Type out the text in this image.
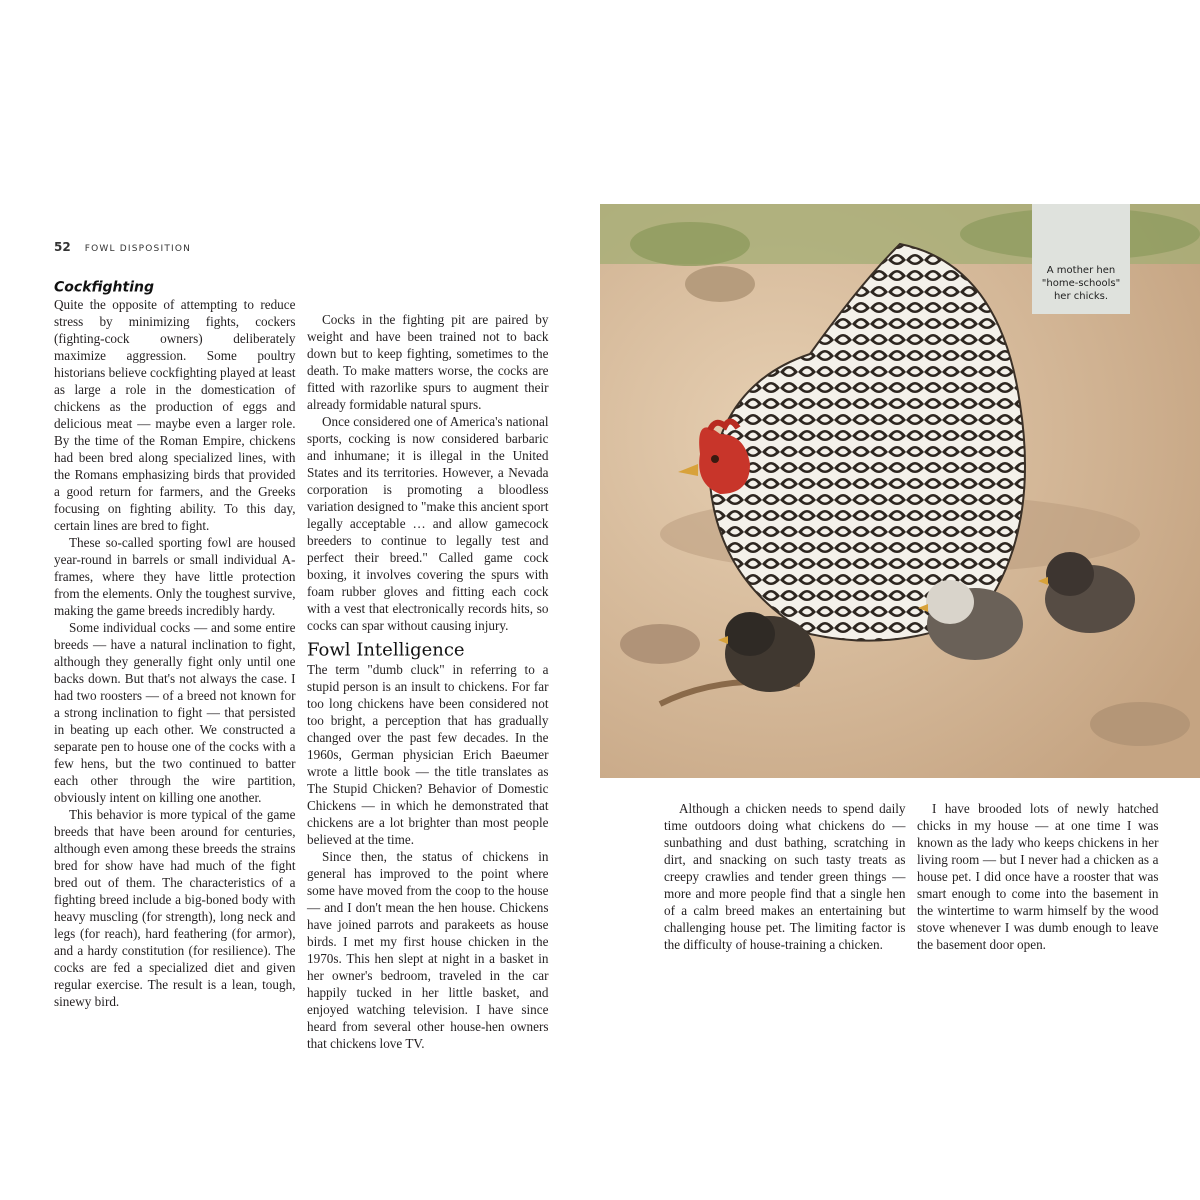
52 FOWL DISPOSITION
Cockfighting

Quite the opposite of attempting to reduce stress by minimizing fights, cockers (fighting-cock owners) deliberately maximize aggression. Some poultry historians believe cockfighting played at least as large a role in the domestication of chickens as the production of eggs and delicious meat — maybe even a larger role. By the time of the Roman Empire, chickens had been bred along specialized lines, with the Romans emphasizing birds that provided a good return for farmers, and the Greeks focusing on fighting ability. To this day, certain lines are bred to fight.

These so-called sporting fowl are housed year-round in barrels or small individual A-frames, where they have little protection from the elements. Only the toughest survive, making the game breeds incredibly hardy.

Some individual cocks — and some entire breeds — have a natural inclination to fight, although they generally fight only until one backs down. But that's not always the case. I had two roosters — of a breed not known for a strong inclination to fight — that persisted in beating up each other. We constructed a separate pen to house one of the cocks with a few hens, but the two continued to batter each other through the wire partition, obviously intent on killing one another.

This behavior is more typical of the game breeds that have been around for centuries, although even among these breeds the strains bred for show have had much of the fight bred out of them. The characteristics of a fighting breed include a big-boned body with heavy muscling (for strength), long neck and legs (for reach), hard feathering (for armor), and a hardy constitution (for resilience). The cocks are fed a specialized diet and given regular exercise. The result is a lean, tough, sinewy bird.

Cocks in the fighting pit are paired by weight and have been trained not to back down but to keep fighting, sometimes to the death. To make matters worse, the cocks are fitted with razorlike spurs to augment their already formidable natural spurs.

Once considered one of America's national sports, cocking is now considered barbaric and inhumane; it is illegal in the United States and its territories. However, a Nevada corporation is promoting a bloodless variation designed to "make this ancient sport legally acceptable … and allow gamecock breeders to continue to legally test and perfect their breed." Called game cock boxing, it involves covering the spurs with foam rubber gloves and fitting each cock with a vest that electronically records hits, so cocks can spar without causing injury.

Fowl Intelligence

The term "dumb cluck" in referring to a stupid person is an insult to chickens. For far too long chickens have been considered not too bright, a perception that has gradually changed over the past few decades. In the 1960s, German physician Erich Baeumer wrote a little book — the title translates as The Stupid Chicken? Behavior of Domestic Chickens — in which he demonstrated that chickens are a lot brighter than most people believed at the time.

Since then, the status of chickens in general has improved to the point where some have moved from the coop to the house — and I don't mean the hen house. Chickens have joined parrots and parakeets as house birds. I met my first house chicken in the 1970s. This hen slept at night in a basket in her owner's bedroom, traveled in the car happily tucked in her little basket, and enjoyed watching television. I have since heard from several other house-hen owners that chickens love TV.

A mother hen "home-schools" her chicks.

Although a chicken needs to spend daily time outdoors doing what chickens do — sunbathing and dust bathing, scratching in dirt, and snacking on such tasty treats as creepy crawlies and tender green things — more and more people find that a single hen of a calm breed makes an entertaining but challenging house pet. The limiting factor is the difficulty of house-training a chicken.

I have brooded lots of newly hatched chicks in my house — at one time I was known as the lady who keeps chickens in her living room — but I never had a chicken as a house pet. I did once have a rooster that was smart enough to come into the basement in the wintertime to warm himself by the wood stove whenever I was dumb enough to leave the basement door open.
